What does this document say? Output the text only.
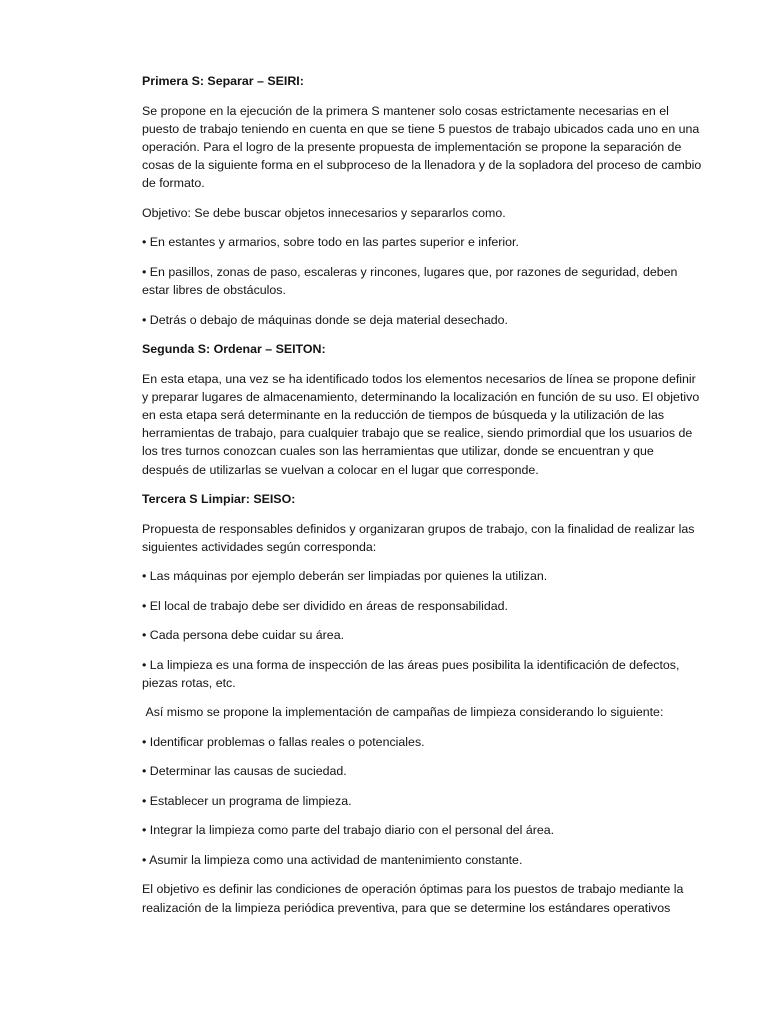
Primera S: Separar – SEIRI:

Se propone en la ejecución de la primera S mantener solo cosas estrictamente necesarias en el puesto de trabajo teniendo en cuenta en que se tiene 5 puestos de trabajo ubicados cada uno en una operación. Para el logro de la presente propuesta de implementación se propone la separación de cosas de la siguiente forma en el subproceso de la llenadora y de la sopladora del proceso de cambio de formato.

Objetivo: Se debe buscar objetos innecesarios y separarlos como.

• En estantes y armarios, sobre todo en las partes superior e inferior.

• En pasillos, zonas de paso, escaleras y rincones, lugares que, por razones de seguridad, deben estar libres de obstáculos.

• Detrás o debajo de máquinas donde se deja material desechado.

Segunda S: Ordenar – SEITON:

En esta etapa, una vez se ha identificado todos los elementos necesarios de línea se propone definir y preparar lugares de almacenamiento, determinando la localización en función de su uso. El objetivo en esta etapa será determinante en la reducción de tiempos de búsqueda y la utilización de las herramientas de trabajo, para cualquier trabajo que se realice, siendo primordial que los usuarios de los tres turnos conozcan cuales son las herramientas que utilizar, donde se encuentran y que después de utilizarlas se vuelvan a colocar en el lugar que corresponde.

Tercera S Limpiar: SEISO:

Propuesta de responsables definidos y organizaran grupos de trabajo, con la finalidad de realizar las siguientes actividades según corresponda:

• Las máquinas por ejemplo deberán ser limpiadas por quienes la utilizan.

• El local de trabajo debe ser dividido en áreas de responsabilidad.

• Cada persona debe cuidar su área.

• La limpieza es una forma de inspección de las áreas pues posibilita la identificación de defectos, piezas rotas, etc.

Así mismo se propone la implementación de campañas de limpieza considerando lo siguiente:

• Identificar problemas o fallas reales o potenciales.

• Determinar las causas de suciedad.

• Establecer un programa de limpieza.

• Integrar la limpieza como parte del trabajo diario con el personal del área.

• Asumir la limpieza como una actividad de mantenimiento constante.

El objetivo es definir las condiciones de operación óptimas para los puestos de trabajo mediante la realización de la limpieza periódica preventiva, para que se determine los estándares operativos
